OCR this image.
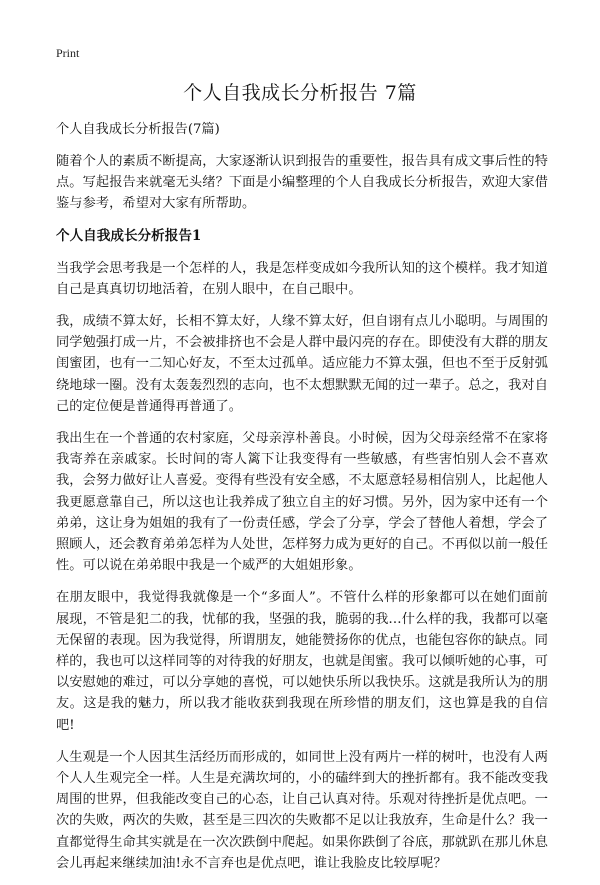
Print
个人自我成长分析报告 7篇
个人自我成长分析报告(7篇)

随着个人的素质不断提高，大家逐渐认识到报告的重要性，报告具有成文事后性的特点。写起报告来就毫无头绪？下面是小编整理的个人自我成长分析报告，欢迎大家借鉴与参考，希望对大家有所帮助。

个人自我成长分析报告1

当我学会思考我是一个怎样的人，我是怎样变成如今我所认知的这个模样。我才知道自己是真真切切地活着，在别人眼中，在自己眼中。

我，成绩不算太好，长相不算太好，人缘不算太好，但自诩有点儿小聪明。与周围的同学勉强打成一片，不会被排挤也不会是人群中最闪亮的存在。即使没有大群的朋友闺蜜团，也有一二知心好友，不至太过孤单。适应能力不算太强，但也不至于反射弧绕地球一圈。没有太轰轰烈烈的志向，也不太想默默无闻的过一辈子。总之，我对自己的定位便是普通得再普通了。

我出生在一个普通的农村家庭，父母亲淳朴善良。小时候，因为父母亲经常不在家将我寄养在亲戚家。长时间的寄人篱下让我变得有一些敏感，有些害怕别人会不喜欢我，会努力做好让人喜爱。变得有些没有安全感，不太愿意轻易相信别人，比起他人我更愿意靠自己，所以这也让我养成了独立自主的好习惯。另外，因为家中还有一个弟弟，这让身为姐姐的我有了一份责任感，学会了分享，学会了替他人着想，学会了照顾人，还会教育弟弟怎样为人处世，怎样努力成为更好的自己。不再似以前一般任性。可以说在弟弟眼中我是一个威严的大姐姐形象。

在朋友眼中，我觉得我就像是一个“多面人”。不管什么样的形象都可以在她们面前展现，不管是犯二的我，忧郁的我，坚强的我，脆弱的我…什么样的我，我都可以毫无保留的表现。因为我觉得，所谓朋友，她能赞扬你的优点，也能包容你的缺点。同样的，我也可以这样同等的对待我的好朋友，也就是闺蜜。我可以倾听她的心事，可以安慰她的难过，可以分享她的喜悦，可以她快乐所以我快乐。这就是我所认为的朋友。这是我的魅力，所以我才能收获到我现在所珍惜的朋友们，这也算是我的自信吧!

人生观是一个人因其生活经历而形成的，如同世上没有两片一样的树叶，也没有人两个人人生观完全一样。人生是充满坎坷的，小的磕绊到大的挫折都有。我不能改变我周围的世界，但我能改变自己的心态，让自己认真对待。乐观对待挫折是优点吧。一次的失败，两次的失败，甚至是三四次的失败都不足以让我放弃，生命是什么？我一直都觉得生命其实就是在一次次跌倒中爬起。如果你跌倒了谷底，那就趴在那儿休息会儿再起来继续加油!永不言弃也是优点吧，谁让我脸皮比较厚呢？
